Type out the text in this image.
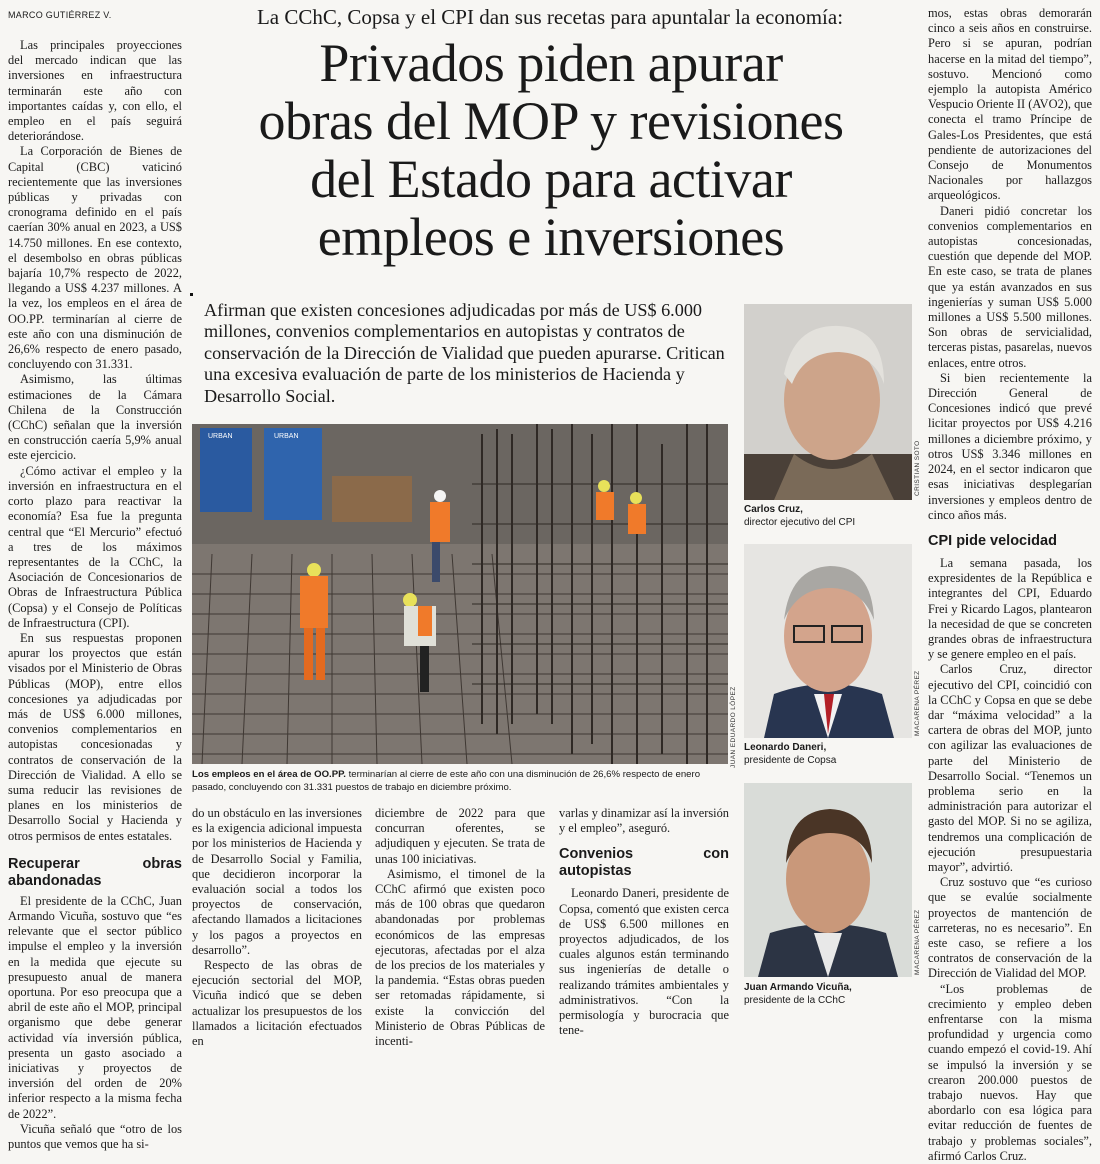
MARCO GUTIÉRREZ V.	La CChC, Copsa y el CPI dan sus recetas para apuntalar la economía:
Privados piden apurar
obras del MOP y revisiones
del Estado para activar
empleos e inversiones
Afirman que existen concesiones adjudicadas por más de US$ 6.000 millones, convenios complementarios en autopistas y contratos de conservación de la Dirección de Vialidad que pueden apurarse. Critican una excesiva evaluación de parte de los ministerios de Hacienda y Desarrollo Social.

Las principales proyecciones del mercado indican que las inversiones en infraestructura terminarán este año con importantes caídas y, con ello, el empleo en el país seguirá deteriorándose.

La Corporación de Bienes de Capital (CBC) vaticinó recientemente que las inversiones públicas y privadas con cronograma definido en el país caerían 30% anual en 2023, a US$ 14.750 millones. En ese contexto, el desembolso en obras públicas bajaría 10,7% respecto de 2022, llegando a US$ 4.237 millones. A la vez, los empleos en el área de OO.PP. terminarían al cierre de este año con una disminución de 26,6% respecto de enero pasado, concluyendo con 31.331.

Asimismo, las últimas estimaciones de la Cámara Chilena de la Construcción (CChC) señalan que la inversión en construcción caería 5,9% anual este ejercicio.

¿Cómo activar el empleo y la inversión en infraestructura en el corto plazo para reactivar la economía? Esa fue la pregunta central que “El Mercurio” efectuó a tres de los máximos representantes de la CChC, la Asociación de Concesionarios de Obras de Infraestructura Pública (Copsa) y el Consejo de Políticas de Infraestructura (CPI).

En sus respuestas proponen apurar los proyectos que están visados por el Ministerio de Obras Públicas (MOP), entre ellos concesiones ya adjudicadas por más de US$ 6.000 millones, convenios complementarios en autopistas concesionadas y contratos de conservación de la Dirección de Vialidad. A ello se suma reducir las revisiones de planes en los ministerios de Desarrollo Social y Hacienda y otros permisos de entes estatales.

Recuperar obras abandonadas

El presidente de la CChC, Juan Armando Vicuña, sostuvo que “es relevante que el sector público impulse el empleo y la inversión en la medida que ejecute su presupuesto anual de manera oportuna. Por eso preocupa que a abril de este año el MOP, principal organismo que debe generar actividad vía inversión pública, presenta un gasto asociado a iniciativas y proyectos de inversión del orden de 20% inferior respecto a la misma fecha de 2022”.

Vicuña señaló que “otro de los puntos que vemos que ha si-

URBAN	URBAN
JUAN EDUARDO LÓPEZ
Los empleos en el área de OO.PP. terminarían al cierre de este año con una disminución de 26,6% respecto de enero pasado, concluyendo con 31.331 puestos de trabajo en diciembre próximo.

do un obstáculo en las inversiones es la exigencia adicional impuesta por los ministerios de Hacienda y de Desarrollo Social y Familia, que decidieron incorporar la evaluación social a todos los proyectos de conservación, afectando llamados a licitaciones y los pagos a proyectos en desarrollo”.

Respecto de las obras de ejecución sectorial del MOP, Vicuña indicó que se deben actualizar los presupuestos de los llamados a licitación efectuados en

diciembre de 2022 para que concurran oferentes, se adjudiquen y ejecuten. Se trata de unas 100 iniciativas.

Asimismo, el timonel de la CChC afirmó que existen poco más de 100 obras que quedaron abandonadas por problemas económicos de las empresas ejecutoras, afectadas por el alza de los precios de los materiales y la pandemia. “Estas obras pueden ser retomadas rápidamente, si existe la convicción del Ministerio de Obras Públicas de incenti-

varlas y dinamizar así la inversión y el empleo”, aseguró.

Convenios con autopistas

Leonardo Daneri, presidente de Copsa, comentó que existen cerca de US$ 6.500 millones en proyectos adjudicados, de los cuales algunos están terminando sus ingenierías de detalle o realizando trámites ambientales y administrativos. “Con la permisología y burocracia que tene-

CRISTIAN SOTO
Carlos Cruz,
director ejecutivo del CPI
MACARENA PÉREZ
Leonardo Daneri,
presidente de Copsa
MACARENA PÉREZ
Juan Armando Vicuña,
presidente de la CChC

mos, estas obras demorarán cinco a seis años en construirse. Pero si se apuran, podrían hacerse en la mitad del tiempo”, sostuvo. Mencionó como ejemplo la autopista Américo Vespucio Oriente II (AVO2), que conecta el tramo Príncipe de Gales-Los Presidentes, que está pendiente de autorizaciones del Consejo de Monumentos Nacionales por hallazgos arqueológicos.

Daneri pidió concretar los convenios complementarios en autopistas concesionadas, cuestión que depende del MOP. En este caso, se trata de planes que ya están avanzados en sus ingenierías y suman US$ 5.000 millones a US$ 5.500 millones. Son obras de servicialidad, terceras pistas, pasarelas, nuevos enlaces, entre otros.

Si bien recientemente la Dirección General de Concesiones indicó que prevé licitar proyectos por US$ 4.216 millones a diciembre próximo, y otros US$ 3.346 millones en 2024, en el sector indicaron que esas iniciativas desplegarían inversiones y empleos dentro de cinco años más.

CPI pide velocidad

La semana pasada, los expresidentes de la República e integrantes del CPI, Eduardo Frei y Ricardo Lagos, plantearon la necesidad de que se concreten grandes obras de infraestructura y se genere empleo en el país.

Carlos Cruz, director ejecutivo del CPI, coincidió con la CChC y Copsa en que se debe dar “máxima velocidad” a la cartera de obras del MOP, junto con agilizar las evaluaciones de parte del Ministerio de Desarrollo Social. “Tenemos un problema serio en la administración para autorizar el gasto del MOP. Si no se agiliza, tendremos una complicación de ejecución presupuestaria mayor”, advirtió.

Cruz sostuvo que “es curioso que se evalúe socialmente proyectos de mantención de carreteras, no es necesario”. En este caso, se refiere a los contratos de conservación de la Dirección de Vialidad del MOP.

“Los problemas de crecimiento y empleo deben enfrentarse con la misma profundidad y urgencia como cuando empezó el covid-19. Ahí se impulsó la inversión y se crearon 200.000 puestos de trabajo nuevos. Hay que abordarlo con esa lógica para evitar reducción de fuentes de trabajo y problemas sociales”, afirmó Carlos Cruz.
